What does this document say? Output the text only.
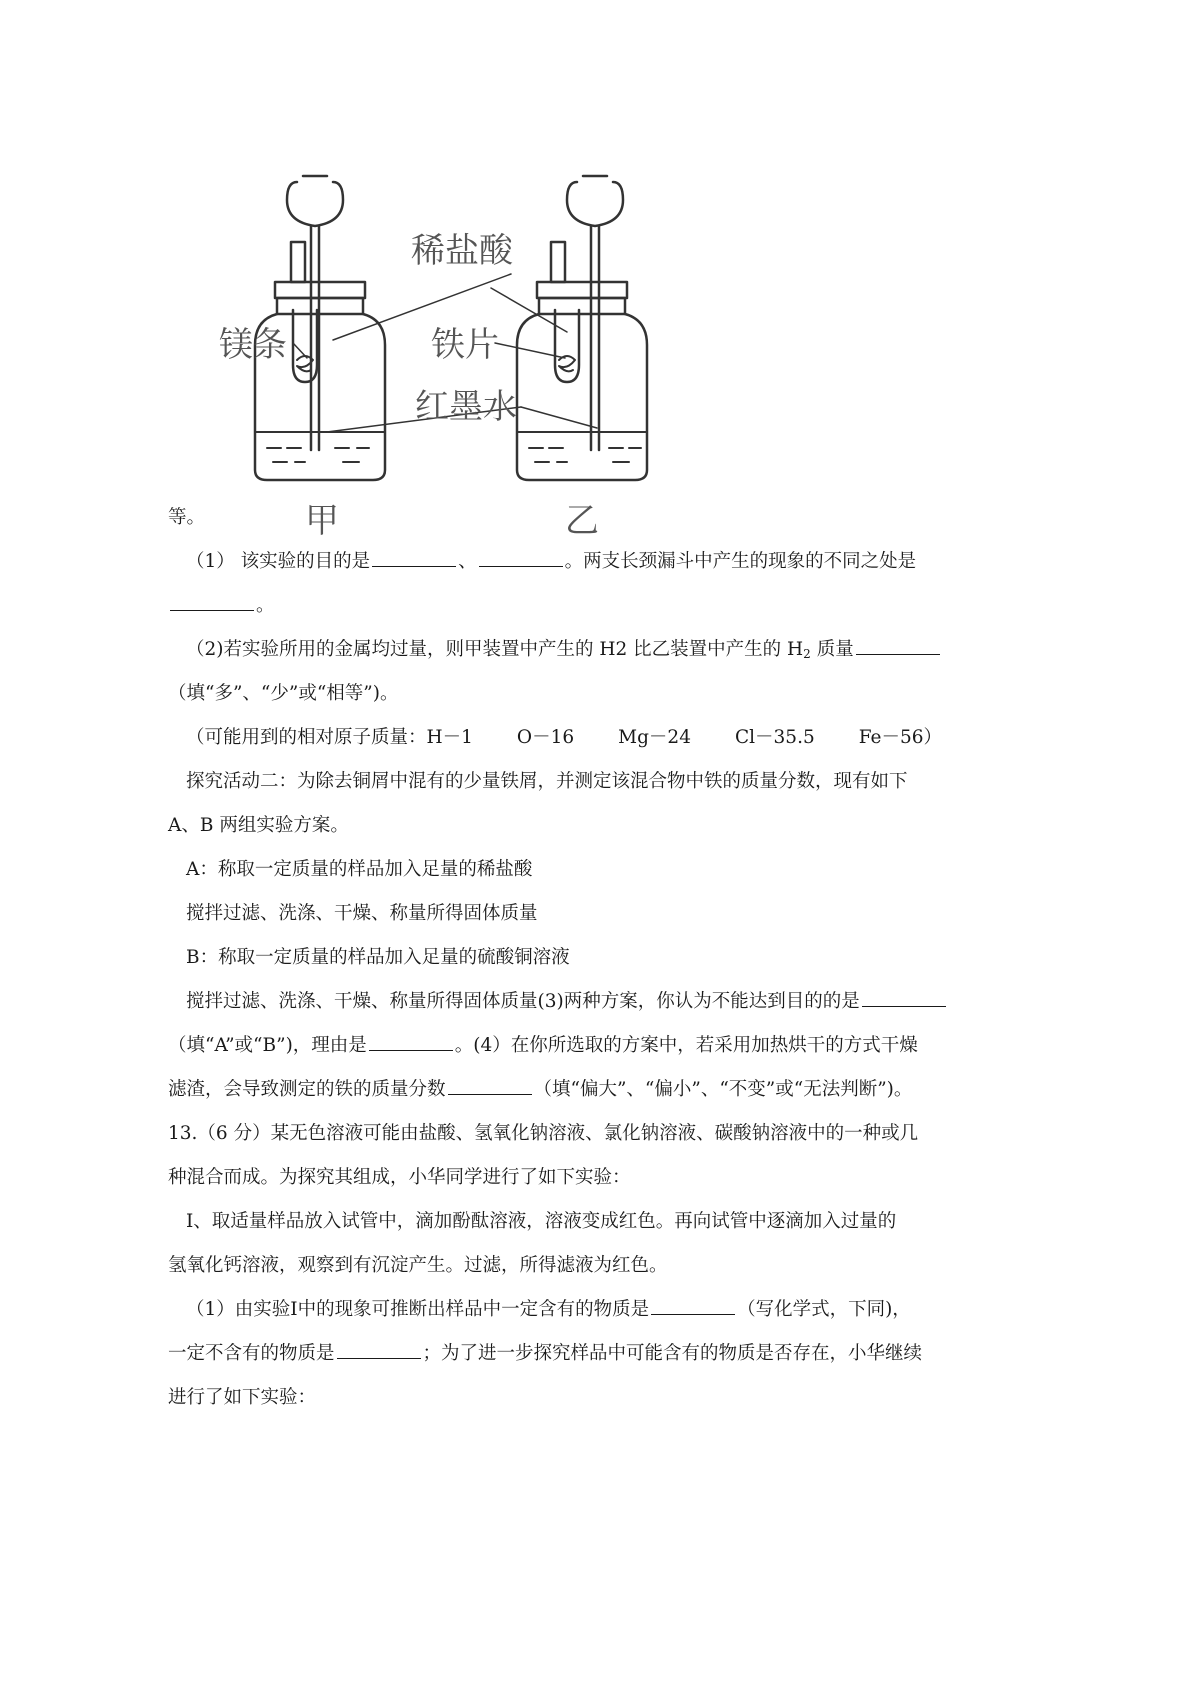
稀盐酸
镁条	铁片
红墨水
甲	乙
等。
（1） 该实验的目的是	、	。两支长颈漏斗中产生的现象的不同之处是
。
（2)若实验所用的金属均过量，则甲装置中产生的 H2 比乙装置中产生的 $H_2$ 质量
（填“多”、“少”或“相等”)。
（可能用到的相对原子质量：H－1 O－16 Mg－24 Cl－35.5 Fe－56）
探究活动二：为除去铜屑中混有的少量铁屑，并测定该混合物中铁的质量分数，现有如下
A、B 两组实验方案。
A：称取一定质量的样品加入足量的稀盐酸
搅拌过滤、洗涤、干燥、称量所得固体质量
B：称取一定质量的样品加入足量的硫酸铜溶液
搅拌过滤、洗涤、干燥、称量所得固体质量(3)两种方案，你认为不能达到目的的是
（填“A”或“B”)，理由是	。(4）在你所选取的方案中，若采用加热烘干的方式干燥
滤渣，会导致测定的铁的质量分数	（填“偏大”、“偏小”、“不变”或“无法判断”)。
13.（6 分）某无色溶液可能由盐酸、氢氧化钠溶液、氯化钠溶液、碳酸钠溶液中的一种或几
种混合而成。为探究其组成，小华同学进行了如下实验：
Ⅰ、取适量样品放入试管中，滴加酚酞溶液，溶液变成红色。再向试管中逐滴加入过量的
氢氧化钙溶液，观察到有沉淀产生。过滤，所得滤液为红色。
（1）由实验Ⅰ中的现象可推断出样品中一定含有的物质是	（写化学式，下同)，
一定不含有的物质是	；为了进一步探究样品中可能含有的物质是否存在，小华继续
进行了如下实验：
